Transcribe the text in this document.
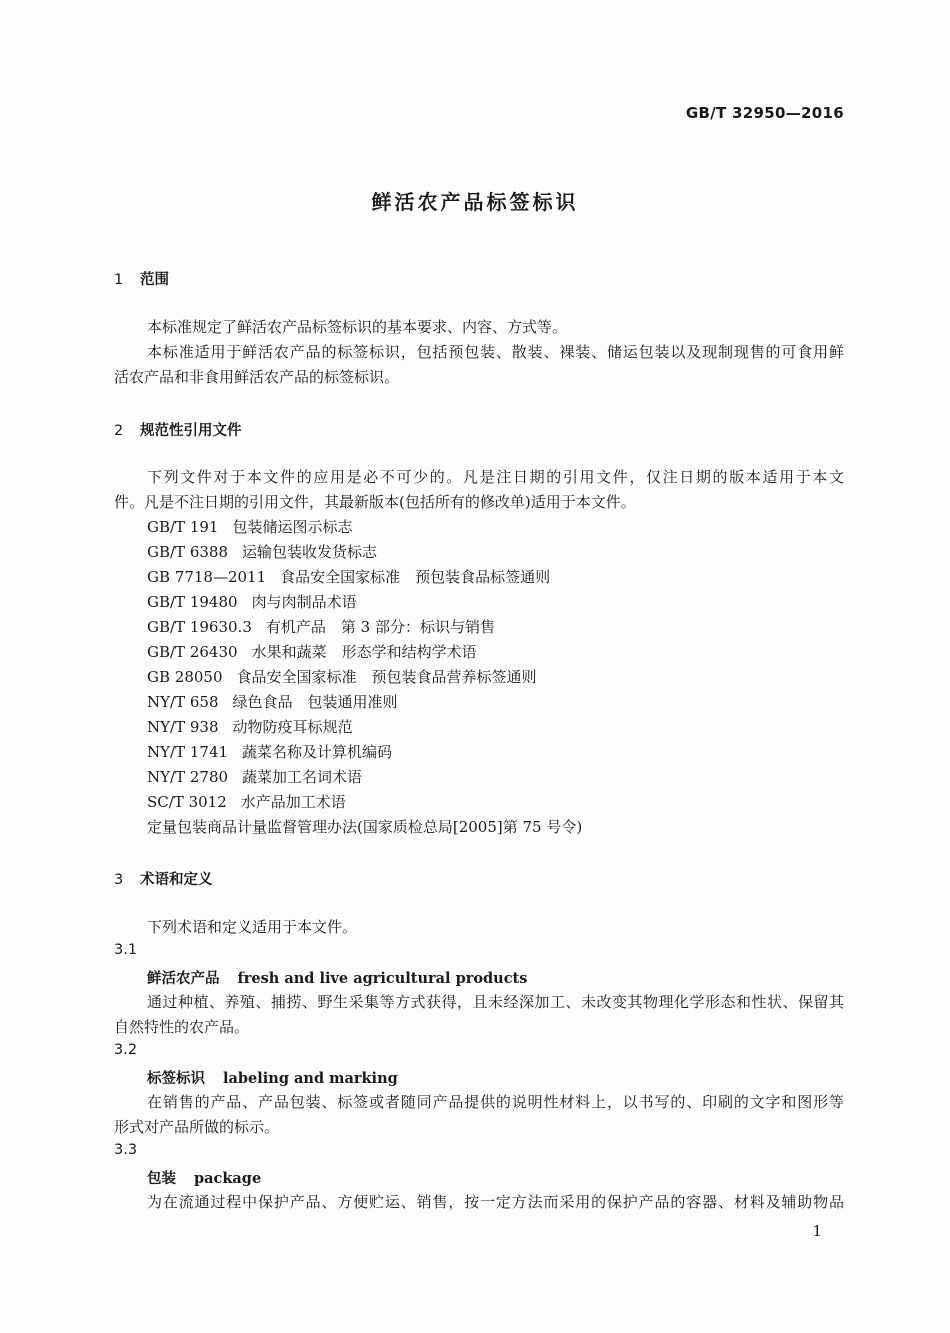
GB/T 32950—2016
鲜活农产品标签标识
1 范围
本标准规定了鲜活农产品标签标识的基本要求、内容、方式等。
本标准适用于鲜活农产品的标签标识，包括预包装、散装、裸装、储运包装以及现制现售的可食用鲜
活农产品和非食用鲜活农产品的标签标识。
2 规范性引用文件
下列文件对于本文件的应用是必不可少的。凡是注日期的引用文件，仅注日期的版本适用于本文
件。凡是不注日期的引用文件，其最新版本(包括所有的修改单)适用于本文件。
GB/T 191 包装储运图示标志
GB/T 6388 运输包装收发货标志
GB 7718—2011 食品安全国家标准　预包装食品标签通则
GB/T 19480 肉与肉制品术语
GB/T 19630.3 有机产品　第 3 部分：标识与销售
GB/T 26430 水果和蔬菜　形态学和结构学术语
GB 28050 食品安全国家标准　预包装食品营养标签通则
NY/T 658 绿色食品　包装通用准则
NY/T 938 动物防疫耳标规范
NY/T 1741 蔬菜名称及计算机编码
NY/T 2780 蔬菜加工名词术语
SC/T 3012 水产品加工术语
定量包装商品计量监督管理办法(国家质检总局[2005]第 75 号令)
3 术语和定义
下列术语和定义适用于本文件。
3.1
鲜活农产品 fresh and live agricultural products
通过种植、养殖、捕捞、野生采集等方式获得，且未经深加工、未改变其物理化学形态和性状、保留其
自然特性的农产品。
3.2
标签标识 labeling and marking
在销售的产品、产品包装、标签或者随同产品提供的说明性材料上，以书写的、印刷的文字和图形等
形式对产品所做的标示。
3.3
包装 package
为在流通过程中保护产品、方便贮运、销售，按一定方法而采用的保护产品的容器、材料及辅助物品
1
